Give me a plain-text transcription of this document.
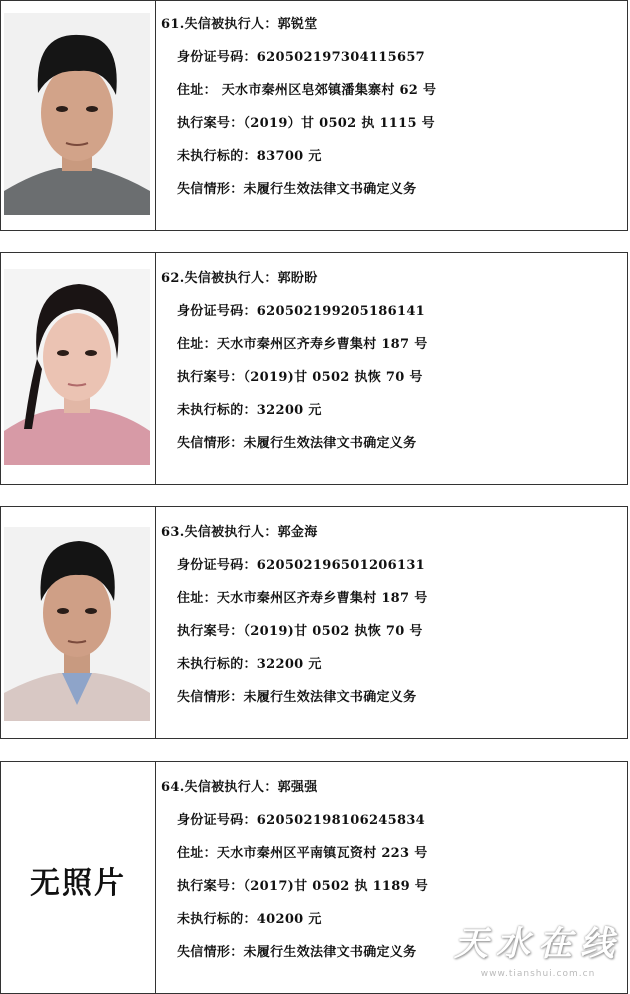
61.失信被执行人：郭锐堂
身份证号码：620502197304115657
住址： 天水市秦州区皂郊镇潘集寨村 62 号
执行案号：（2019）甘 0502 执 1115 号
未执行标的：83700 元
失信情形：未履行生效法律文书确定义务
62.失信被执行人：郭盼盼
身份证号码：620502199205186141
住址：天水市秦州区齐寿乡曹集村 187 号
执行案号：（2019)甘 0502 执恢 70 号
未执行标的：32200 元
失信情形：未履行生效法律文书确定义务
63.失信被执行人：郭金海
身份证号码：620502196501206131
住址：天水市秦州区齐寿乡曹集村 187 号
执行案号：（2019)甘 0502 执恢 70 号
未执行标的：32200 元
失信情形：未履行生效法律文书确定义务
无照片
64.失信被执行人：郭强强
身份证号码：620502198106245834
住址：天水市秦州区平南镇瓦资村 223 号
执行案号：（2017)甘 0502 执 1189 号
未执行标的：40200 元
失信情形：未履行生效法律文书确定义务 天水在线
www.tianshui.com.cn
